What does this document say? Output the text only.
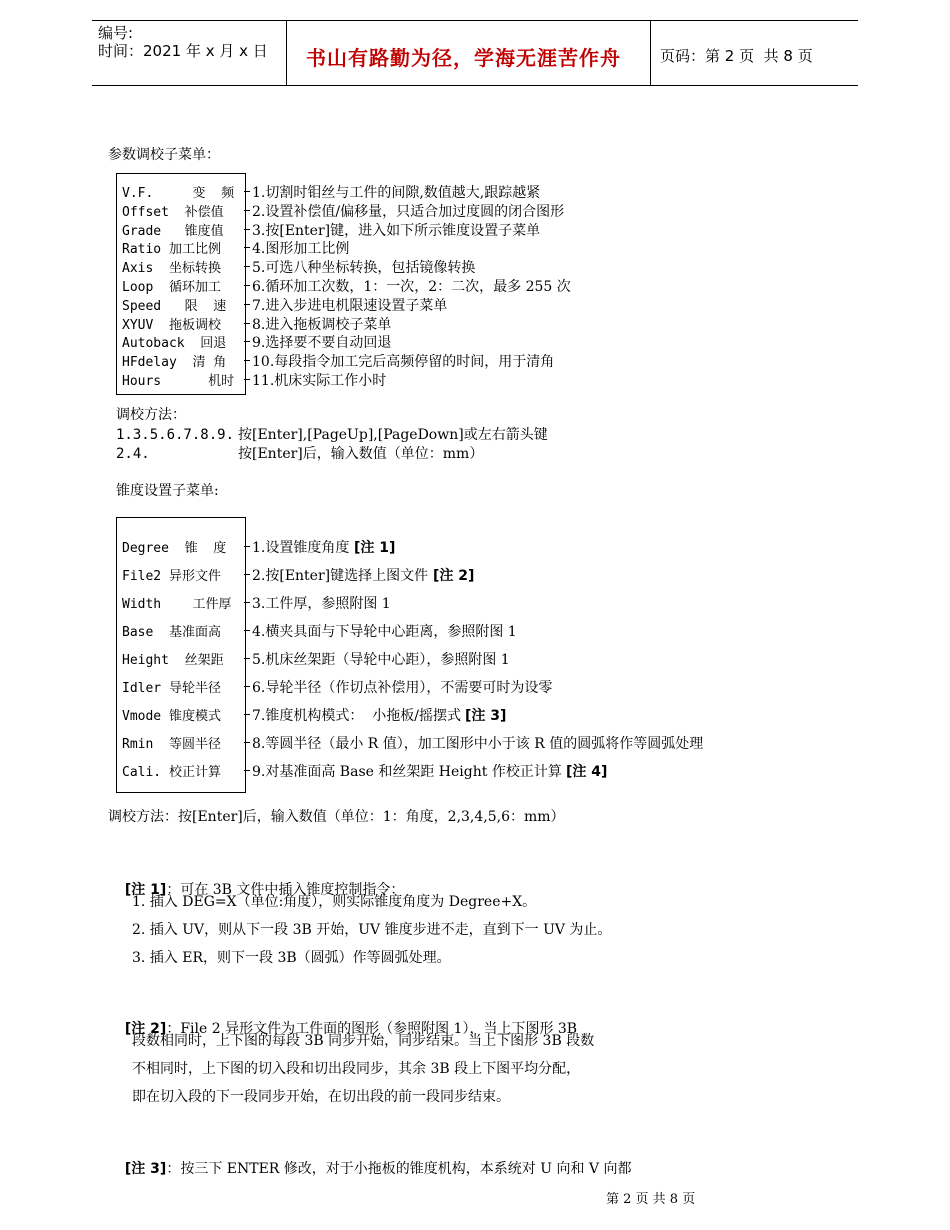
编号:
时间：2021 年 x 月 x 日 书山有路勤为径，学海无涯苦作舟	页码：第 2 页  共 8 页
参数调校子菜单：
V.F.     变  频 1.切割时钼丝与工件的间隙,数值越大,跟踪越紧
Offset  补偿值 2.设置补偿值/偏移量，只适合加过度圆的闭合图形
Grade   锥度值 3.按[Enter]键，进入如下所示锥度设置子菜单
Ratio 加工比例 4.图形加工比例
Axis  坐标转换 5.可选八种坐标转换，包括镜像转换
Loop  循环加工 6.循环加工次数，1：一次，2：二次，最多 255 次
Speed   限  速 7.进入步进电机限速设置子菜单
XYUV  拖板调校 8.进入拖板调校子菜单
Autoback  回退 9.选择要不要自动回退
HFdelay  清 角 10.每段指令加工完后高频停留的时间，用于清角
Hours      机时 11.机床实际工作小时
调校方法：
1.3.5.6.7.8.9. 按[Enter],[PageUp],[PageDown]或左右箭头键
2.4.	按[Enter]后，输入数值（单位：mm）
锥度设置子菜单:
Degree  锥  度 1.设置锥度角度 [注 1]
File2 异形文件 2.按[Enter]键选择上图文件 [注 2]
Width    工件厚 3.工件厚，参照附图 1
Base  基准面高 4.横夹具面与下导轮中心距离，参照附图 1
Height  丝架距 5.机床丝架距（导轮中心距），参照附图 1
Idler 导轮半径 6.导轮半径（作切点补偿用），不需要可时为设零
Vmode 锥度模式 7.锥度机构模式：  小拖板/摇摆式 [注 3]
Rmin  等圆半径 8.等圆半径（最小 R 值），加工图形中小于该 R 值的圆弧将作等圆弧处理
Cali. 校正计算 9.对基准面高 Base 和丝架距 Height 作校正计算 [注 4]
调校方法：按[Enter]后，输入数值（单位：1：角度，2,3,4,5,6：mm）

[注 1]：可在 3B 文件中插入锥度控制指令：

1. 插入 DEG=X（单位:角度），则实际锥度角度为 Degree+X。
2. 插入 UV，则从下一段 3B 开始，UV 锥度步进不走，直到下一 UV 为止。
3. 插入 ER，则下一段 3B（圆弧）作等圆弧处理。

[注 2]：File 2 异形文件为工件面的图形（参照附图 1），当上下图形 3B

段数相同时，上下图的每段 3B 同步开始，同步结束。当上下图形 3B 段数
不相同时，上下图的切入段和切出段同步，其余 3B 段上下图平均分配，
即在切入段的下一段同步开始，在切出段的前一段同步结束。

[注 3]：按三下 ENTER 修改，对于小拖板的锥度机构，本系统对 U 向和 V 向都

第 2 页 共 8 页
